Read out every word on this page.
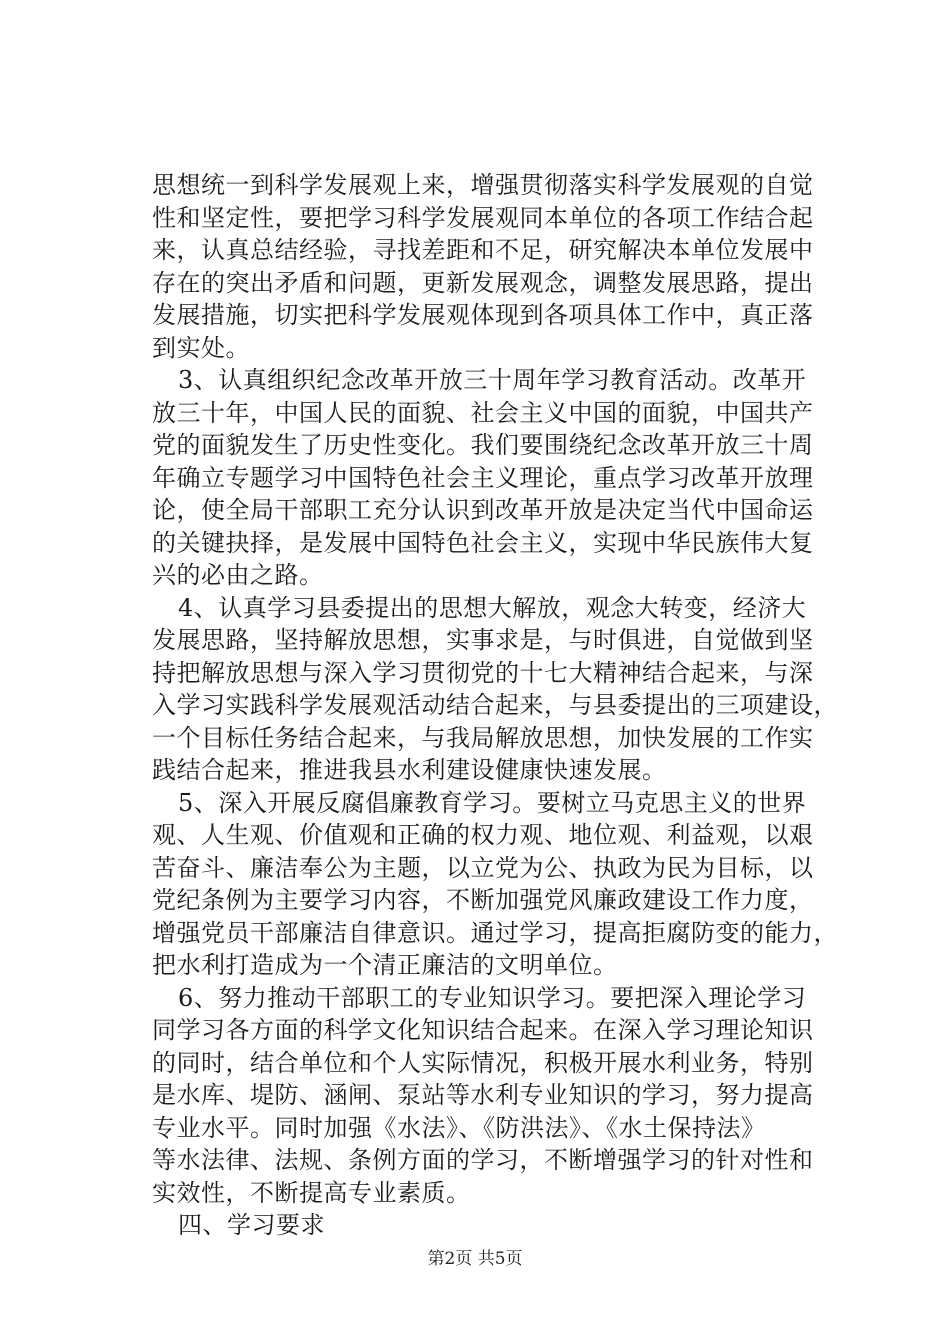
思想统一到科学发展观上来，增强贯彻落实科学发展观的自觉
性和坚定性，要把学习科学发展观同本单位的各项工作结合起
来，认真总结经验，寻找差距和不足，研究解决本单位发展中
存在的突出矛盾和问题，更新发展观念，调整发展思路，提出
发展措施，切实把科学发展观体现到各项具体工作中，真正落
到实处。
3、认真组织纪念改革开放三十周年学习教育活动。改革开
放三十年，中国人民的面貌、社会主义中国的面貌，中国共产
党的面貌发生了历史性变化。我们要围绕纪念改革开放三十周
年确立专题学习中国特色社会主义理论，重点学习改革开放理
论，使全局干部职工充分认识到改革开放是决定当代中国命运
的关键抉择，是发展中国特色社会主义，实现中华民族伟大复
兴的必由之路。
4、认真学习县委提出的思想大解放，观念大转变，经济大
发展思路，坚持解放思想，实事求是，与时俱进，自觉做到坚
持把解放思想与深入学习贯彻党的十七大精神结合起来，与深
入学习实践科学发展观活动结合起来，与县委提出的三项建设，
一个目标任务结合起来，与我局解放思想，加快发展的工作实
践结合起来，推进我县水利建设健康快速发展。
5、深入开展反腐倡廉教育学习。要树立马克思主义的世界
观、人生观、价值观和正确的权力观、地位观、利益观，以艰
苦奋斗、廉洁奉公为主题，以立党为公、执政为民为目标，以
党纪条例为主要学习内容，不断加强党风廉政建设工作力度，
增强党员干部廉洁自律意识。通过学习，提高拒腐防变的能力，
把水利打造成为一个清正廉洁的文明单位。
6、努力推动干部职工的专业知识学习。要把深入理论学习
同学习各方面的科学文化知识结合起来。在深入学习理论知识
的同时，结合单位和个人实际情况，积极开展水利业务，特别
是水库、堤防、涵闸、泵站等水利专业知识的学习，努力提高
专业水平。同时加强《水法》、《防洪法》、《水土保持法》
等水法律、法规、条例方面的学习，不断增强学习的针对性和
实效性，不断提高专业素质。
四、学习要求
第2页 共5页
